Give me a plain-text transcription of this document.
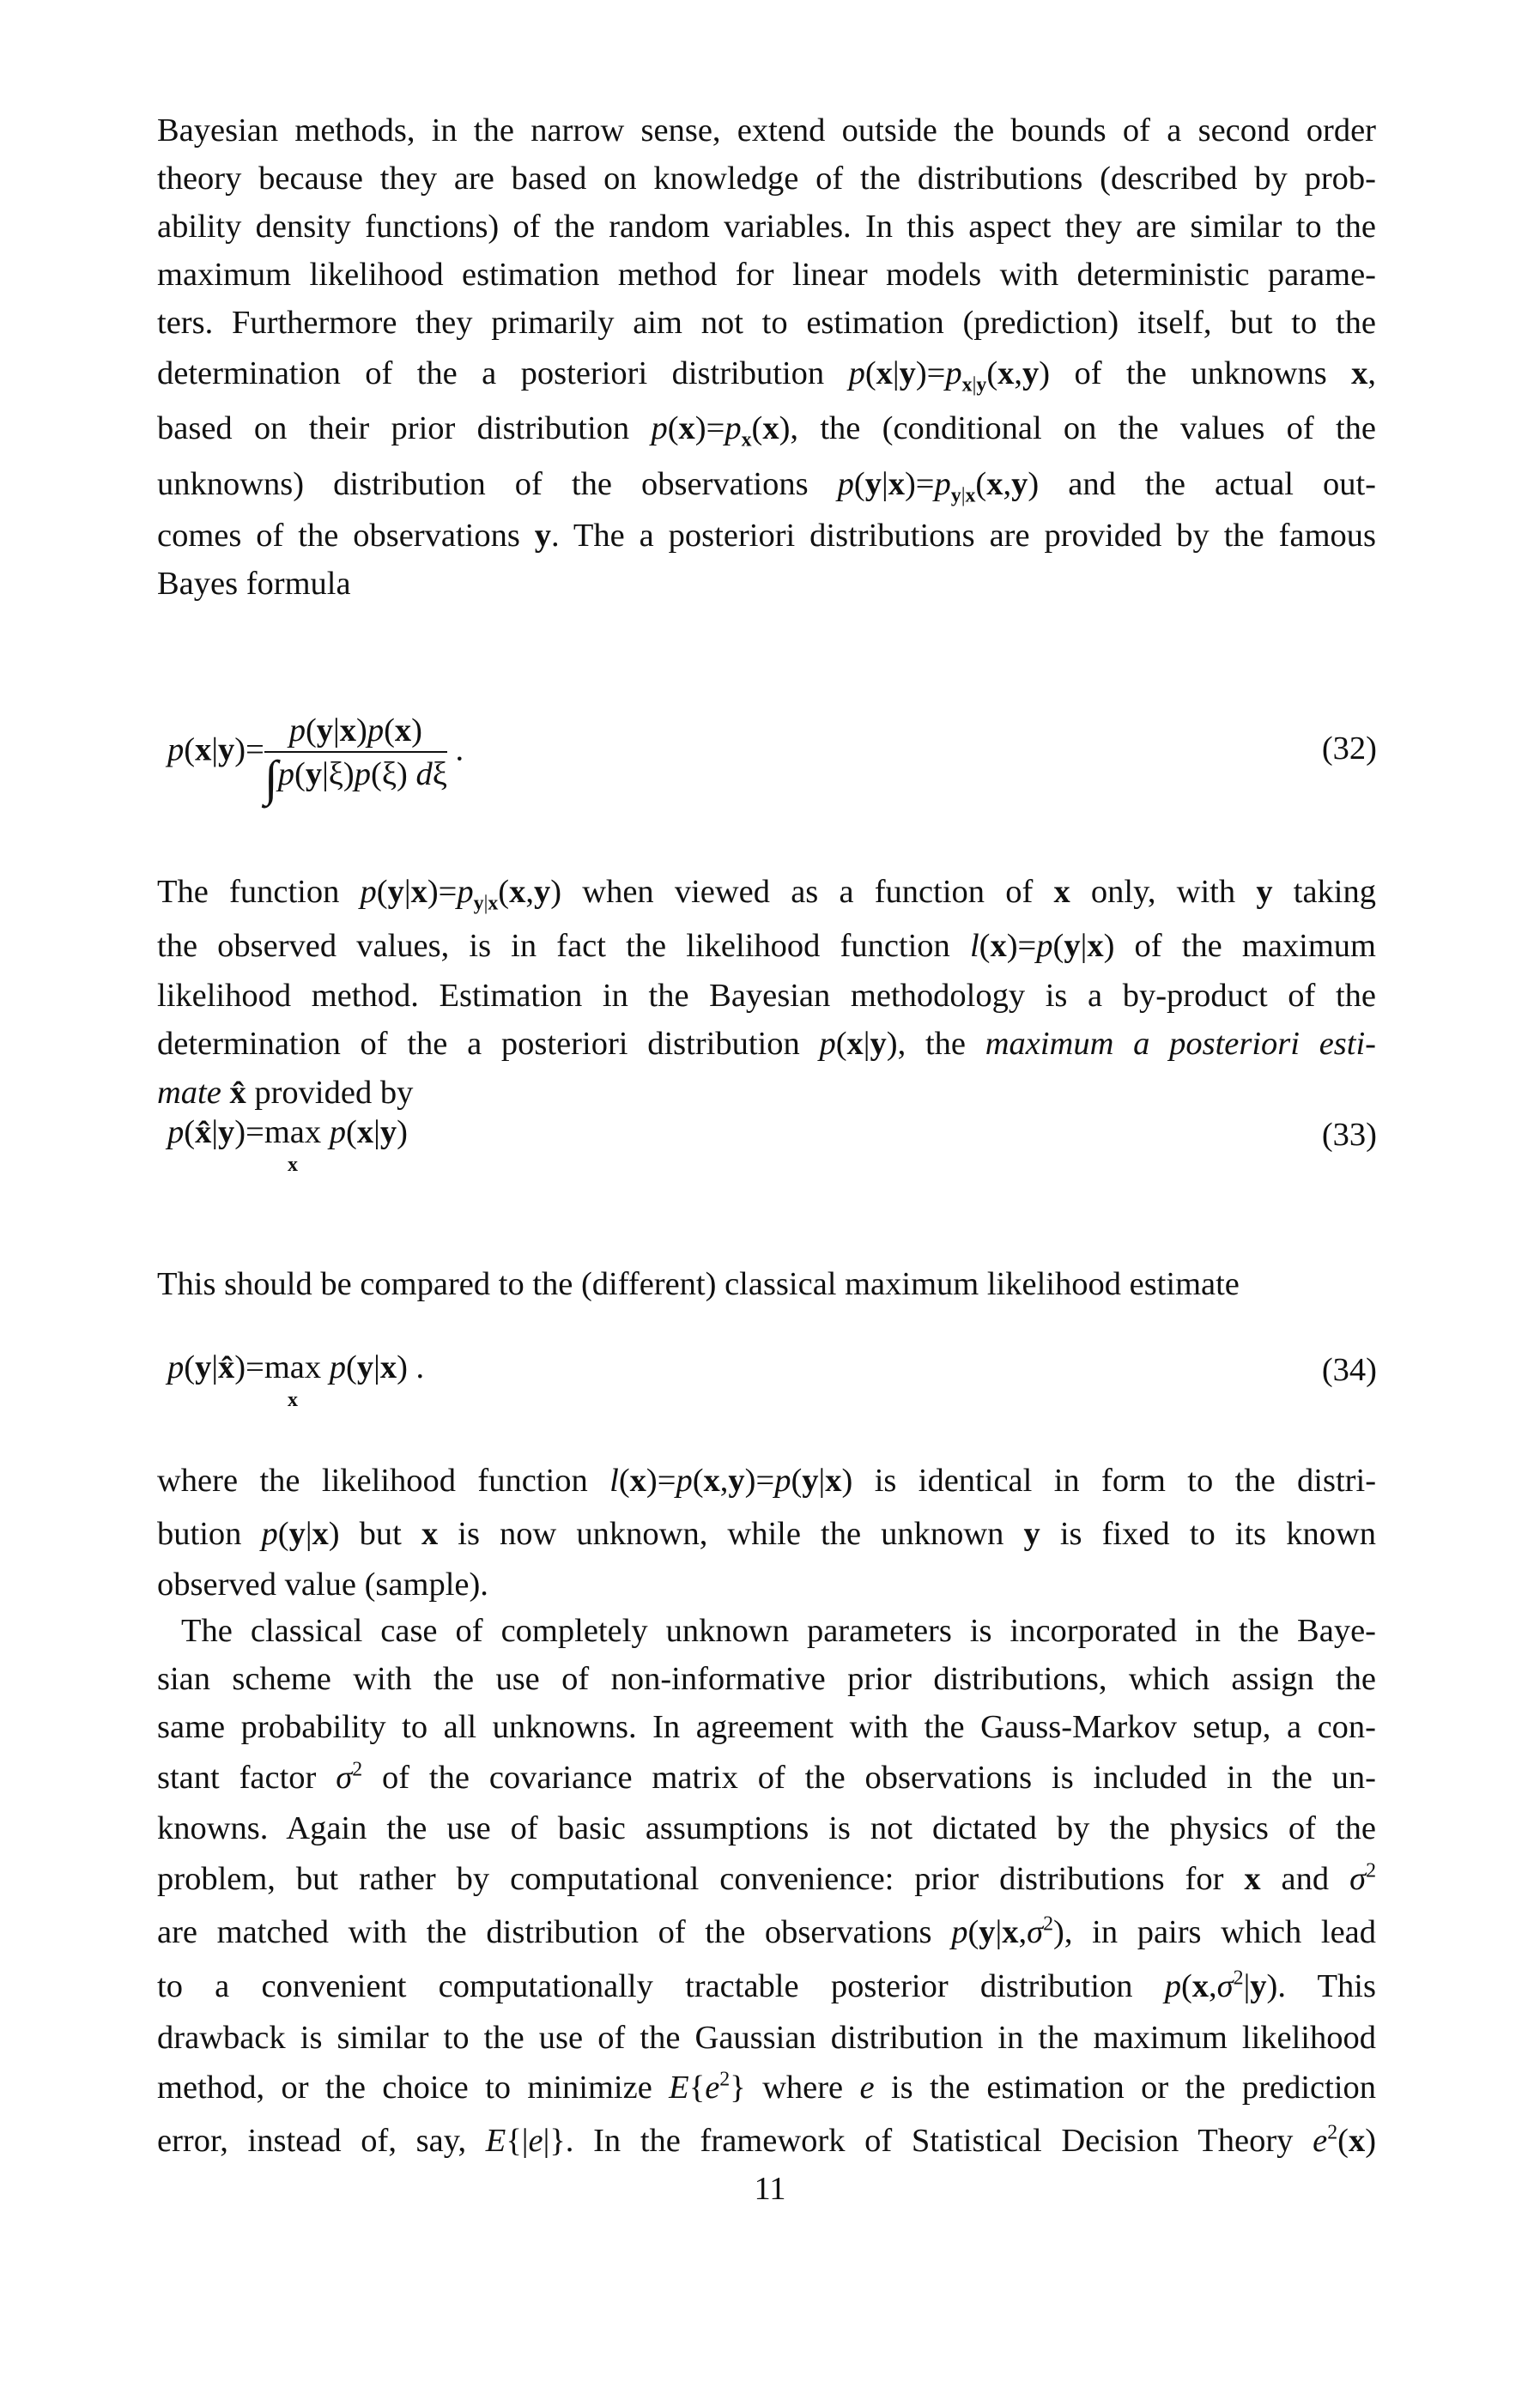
Bayesian methods, in the narrow sense, extend outside the bounds of a second order
theory because they are based on knowledge of the distributions (described by prob-
ability density functions) of the random variables. In this aspect they are similar to the
maximum likelihood estimation method for linear models with deterministic parame-
ters. Furthermore they primarily aim not to estimation (prediction) itself, but to the
determination of the a posteriori distribution $p(x|y)=p_{x|y}(x,y)$ of the unknowns x,
based on their prior distribution $p(x)=p_x(x)$, the (conditional on the values of the
unknowns) distribution of the observations $p(y|x)=p_{y|x}(x,y)$ and the actual out-
comes of the observations y. The a posteriori distributions are provided by the famous
Bayes formula
$p(x|y)= \frac{p(y|x)p(x)}{\int p(y|\xi)p(\xi) d\xi}$ .	(32)
The function $p(y|x)=p_{y|x}(x,y)$ when viewed as a function of x only, with y taking
the observed values, is in fact the likelihood function l(x)=p(y|x) of the maximum
likelihood method. Estimation in the Bayesian methodology is a by-product of the
determination of the a posteriori distribution p(x|y), the maximum a posteriori esti-
mate x̂ provided by
p(x̂|y)=max
x
p(x|y)	(33)
This should be compared to the (different) classical maximum likelihood estimate
p(y|x̂)=max
x
p(y|x) .	(34)
where the likelihood function l(x)=p(x,y)=p(y|x) is identical in form to the distri-
bution p(y|x) but x is now unknown, while the unknown y is fixed to its known
observed value (sample).
The classical case of completely unknown parameters is incorporated in the Baye-
sian scheme with the use of non-informative prior distributions, which assign the
same probability to all unknowns. In agreement with the Gauss-Markov setup, a con-
stant factor $\sigma^2$ of the covariance matrix of the observations is included in the un-
knowns. Again the use of basic assumptions is not dictated by the physics of the
problem, but rather by computational convenience: prior distributions for x and $\sigma^2$
are matched with the distribution of the observations $p(y|x,\sigma^2)$, in pairs which lead
to a convenient computationally tractable posterior distribution $p(x,\sigma^2|y)$. This
drawback is similar to the use of the Gaussian distribution in the maximum likelihood
method, or the choice to minimize $E\{e^2\}$ where e is the estimation or the prediction
error, instead of, say, E{|e|}. In the framework of Statistical Decision Theory $e^2(x)$
11
